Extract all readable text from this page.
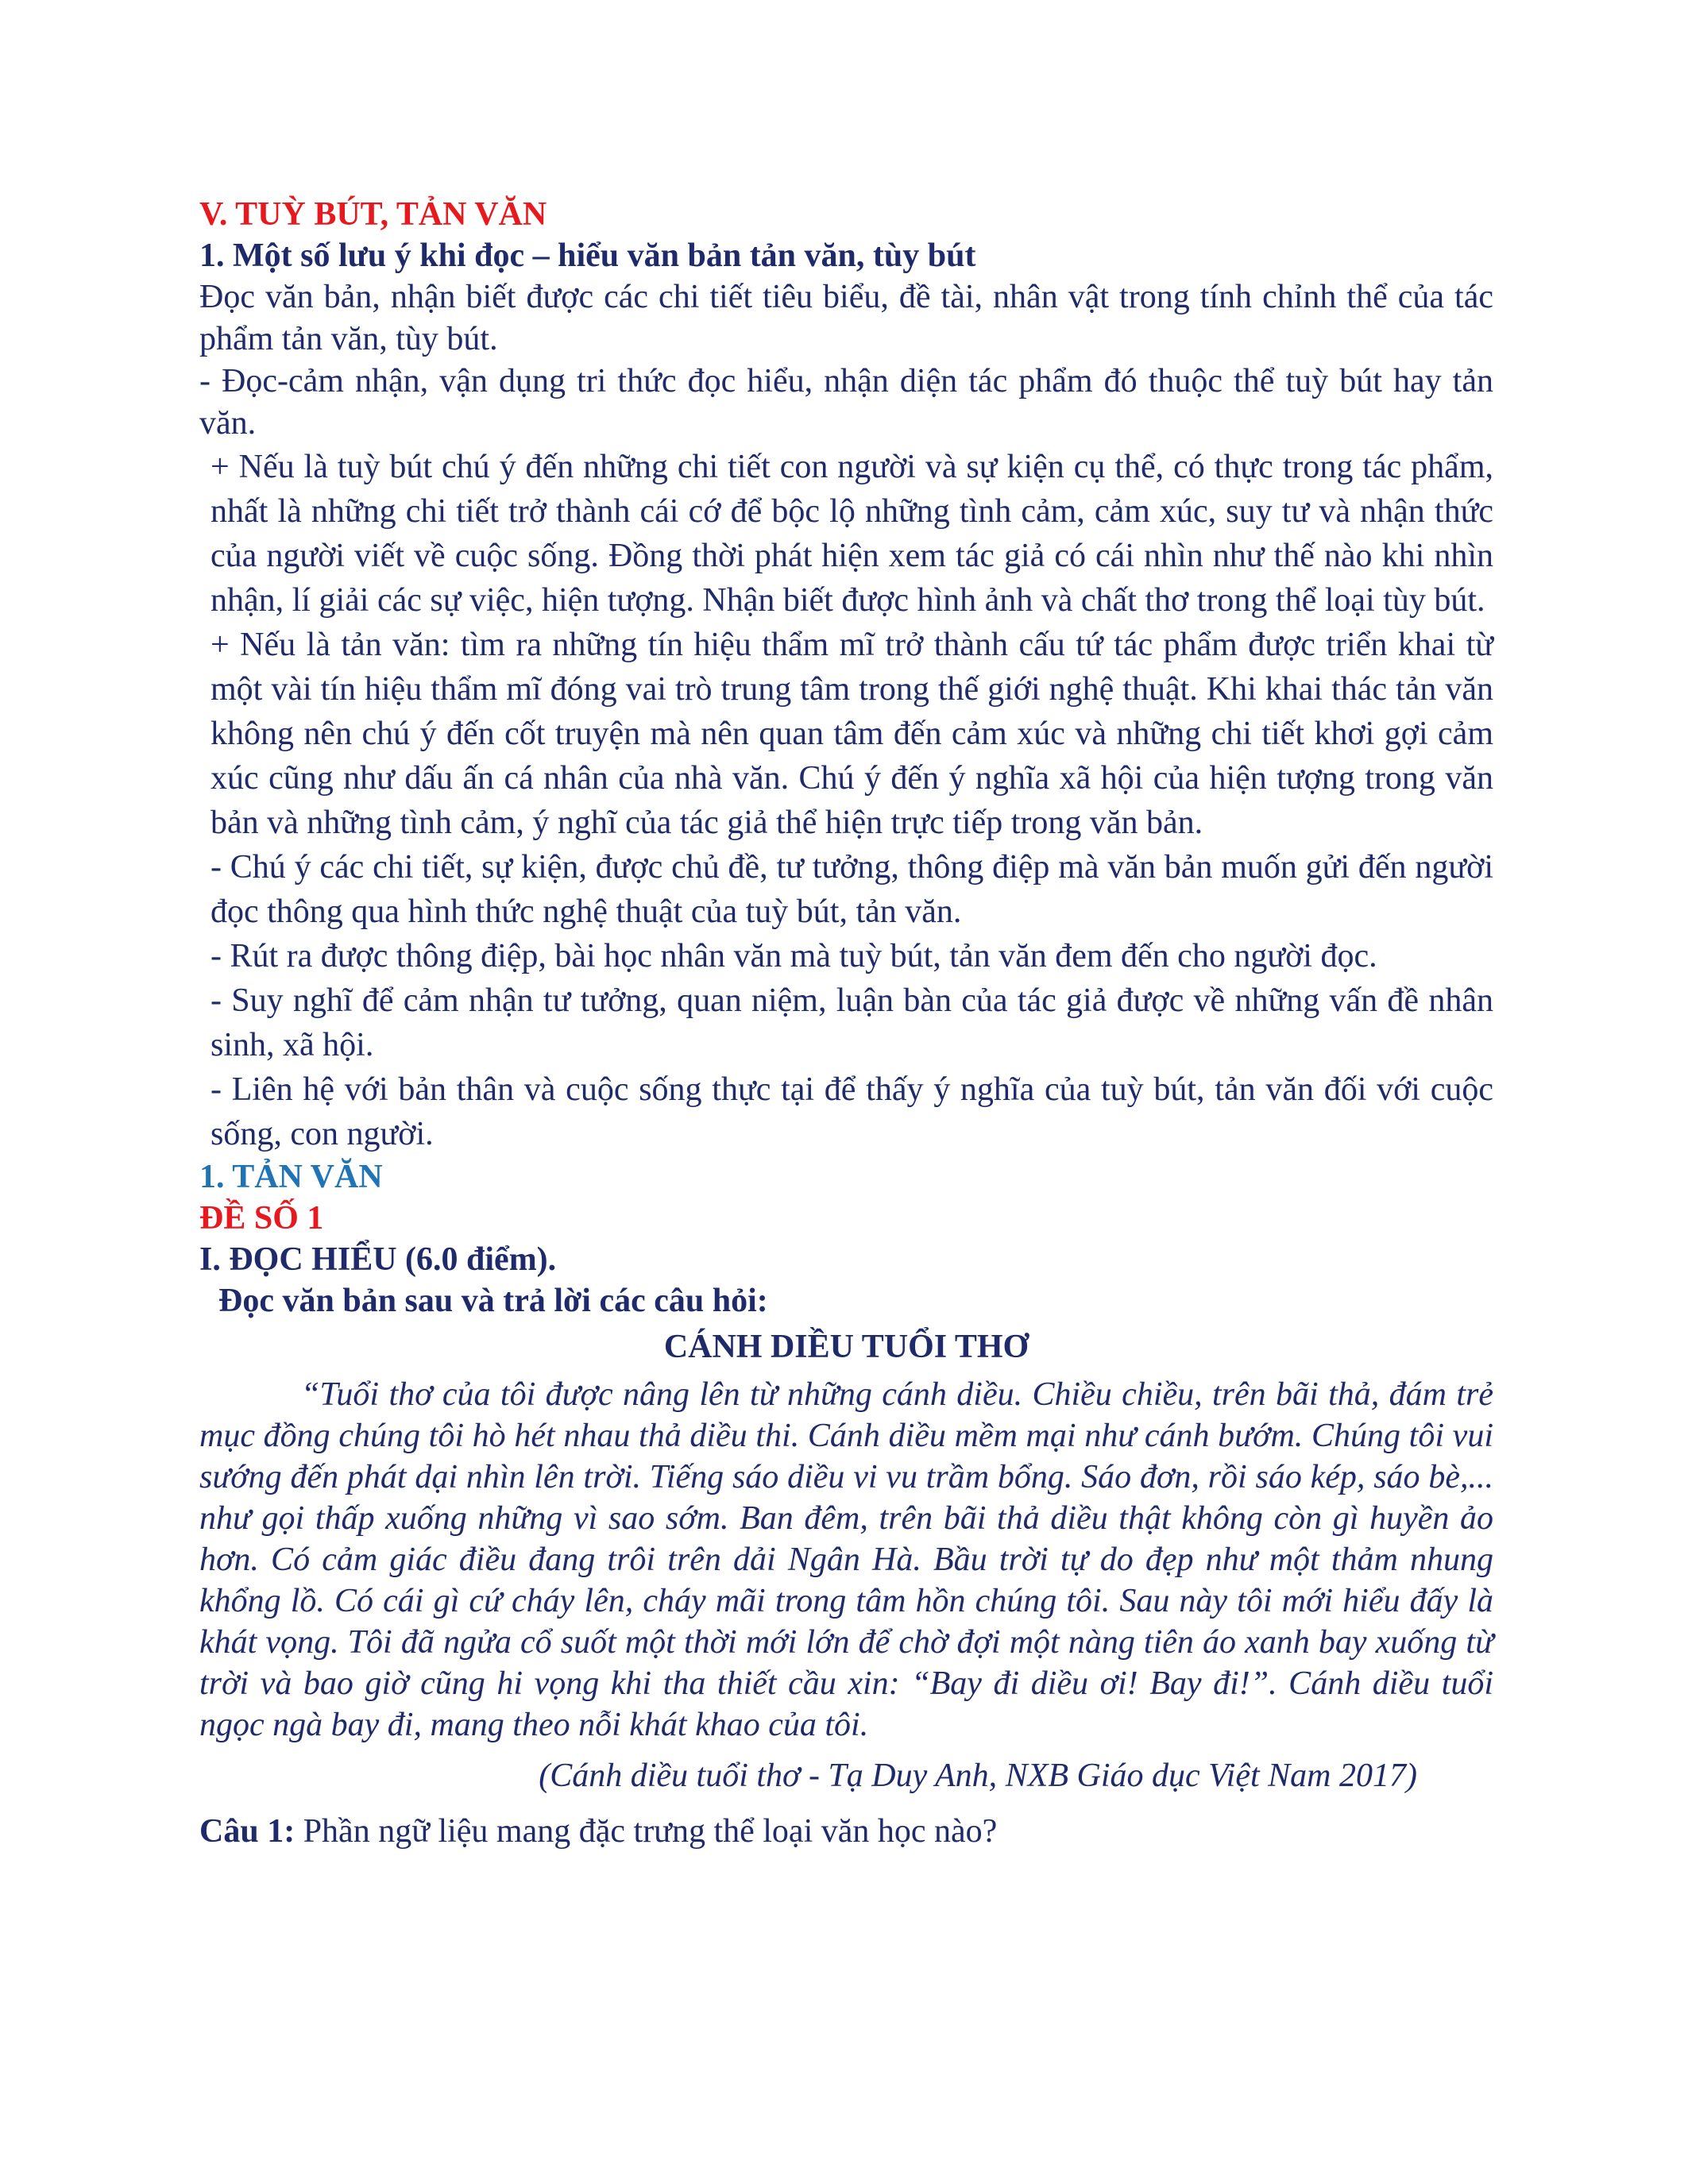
V. TUỲ BÚT, TẢN VĂN

1. Một số lưu ý khi đọc – hiểu văn bản tản văn, tùy bút

Đọc văn bản, nhận biết được các chi tiết tiêu biểu, đề tài, nhân vật trong tính chỉnh thể của tác phẩm tản văn, tùy bút.

- Đọc-cảm nhận, vận dụng tri thức đọc hiểu, nhận diện tác phẩm đó thuộc thể tuỳ bút hay tản văn.

+ Nếu là tuỳ bút chú ý đến những chi tiết con người và sự kiện cụ thể, có thực trong tác phẩm, nhất là những chi tiết trở thành cái cớ để bộc lộ những tình cảm, cảm xúc, suy tư và nhận thức của người viết về cuộc sống. Đồng thời phát hiện xem tác giả có cái nhìn như thế nào khi nhìn nhận, lí giải các sự việc, hiện tượng. Nhận biết được hình ảnh và chất thơ trong thể loại tùy bút.

+ Nếu là tản văn: tìm ra những tín hiệu thẩm mĩ trở thành cấu tứ tác phẩm được triển khai từ một vài tín hiệu thẩm mĩ đóng vai trò trung tâm trong thế giới nghệ thuật. Khi khai thác tản văn không nên chú ý đến cốt truyện mà nên quan tâm đến cảm xúc và những chi tiết khơi gợi cảm xúc cũng như dấu ấn cá nhân của nhà văn. Chú ý đến ý nghĩa xã hội của hiện tượng trong văn bản và những tình cảm, ý nghĩ của tác giả thể hiện trực tiếp trong văn bản.

- Chú ý các chi tiết, sự kiện, được chủ đề, tư tưởng, thông điệp mà văn bản muốn gửi đến người đọc thông qua hình thức nghệ thuật của tuỳ bút, tản văn.

- Rút ra được thông điệp, bài học nhân văn mà tuỳ bút, tản văn đem đến cho người đọc.

- Suy nghĩ để cảm nhận tư tưởng, quan niệm, luận bàn của tác giả được về những vấn đề nhân sinh, xã hội.

- Liên hệ với bản thân và cuộc sống thực tại để thấy ý nghĩa của tuỳ bút, tản văn đối với cuộc sống, con người.

1. TẢN VĂN

ĐỀ SỐ 1

I. ĐỌC HIỂU (6.0 điểm).

Đọc văn bản sau và trả lời các câu hỏi:

CÁNH DIỀU TUỔI THƠ

“Tuổi thơ của tôi được nâng lên từ những cánh diều. Chiều chiều, trên bãi thả, đám trẻ mục đồng chúng tôi hò hét nhau thả diều thi. Cánh diều mềm mại như cánh bướm. Chúng tôi vui sướng đến phát dại nhìn lên trời. Tiếng sáo diều vi vu trầm bổng. Sáo đơn, rồi sáo kép, sáo bè,... như gọi thấp xuống những vì sao sớm. Ban đêm, trên bãi thả diều thật không còn gì huyền ảo hơn. Có cảm giác điều đang trôi trên dải Ngân Hà. Bầu trời tự do đẹp như một thảm nhung khổng lồ. Có cái gì cứ cháy lên, cháy mãi trong tâm hồn chúng tôi. Sau này tôi mới hiểu đấy là khát vọng. Tôi đã ngửa cổ suốt một thời mới lớn để chờ đợi một nàng tiên áo xanh bay xuống từ trời và bao giờ cũng hi vọng khi tha thiết cầu xin: “Bay đi diều ơi! Bay đi!”. Cánh diều tuổi ngọc ngà bay đi, mang theo nỗi khát khao của tôi.

(Cánh diều tuổi thơ - Tạ Duy Anh, NXB Giáo dục Việt Nam 2017)

Câu 1: Phần ngữ liệu mang đặc trưng thể loại văn học nào?
